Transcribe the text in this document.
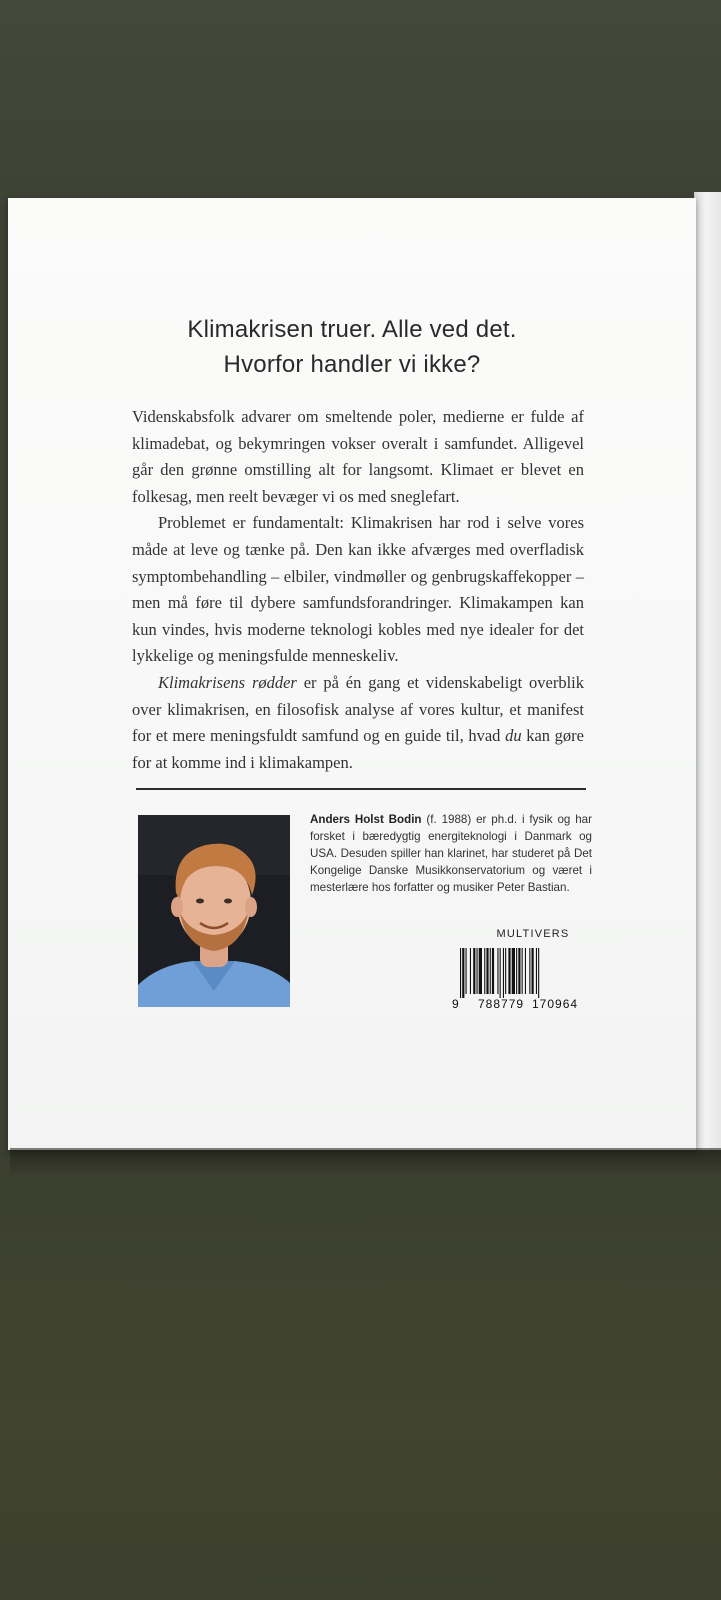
Klimakrisen truer. Alle ved det.
Hvorfor handler vi ikke?

Videnskabsfolk advarer om smeltende poler, medierne er fulde af klimadebat, og bekymringen vokser overalt i samfundet. Alligevel går den grønne omstilling alt for langsomt. Klimaet er blevet en folkesag, men reelt bevæger vi os med sneglefart.

Problemet er fundamentalt: Klimakrisen har rod i selve vores måde at leve og tænke på. Den kan ikke afværges med overfladisk symptombehandling – elbiler, vindmøller og genbrugskaffekopper – men må føre til dybere samfundsforandringer. Klimakampen kan kun vindes, hvis moderne teknologi kobles med nye idealer for det lykkelige og meningsfulde menneskeliv.

Klimakrisens rødder er på én gang et videnskabeligt overblik over klimakrisen, en filosofisk analyse af vores kultur, et manifest for et mere meningsfuldt samfund og en guide til, hvad du kan gøre for at komme ind i klimakampen.

Anders Holst Bodin (f. 1988) er ph.d. i fysik og har forsket i bæredygtig energiteknologi i Danmark og USA. Desuden spiller han klarinet, har studeret på Det Kongelige Danske Musikkonservatorium og været i mesterlære hos forfatter og musiker Peter Bastian.
MULTIVERS
9 788779 170964
